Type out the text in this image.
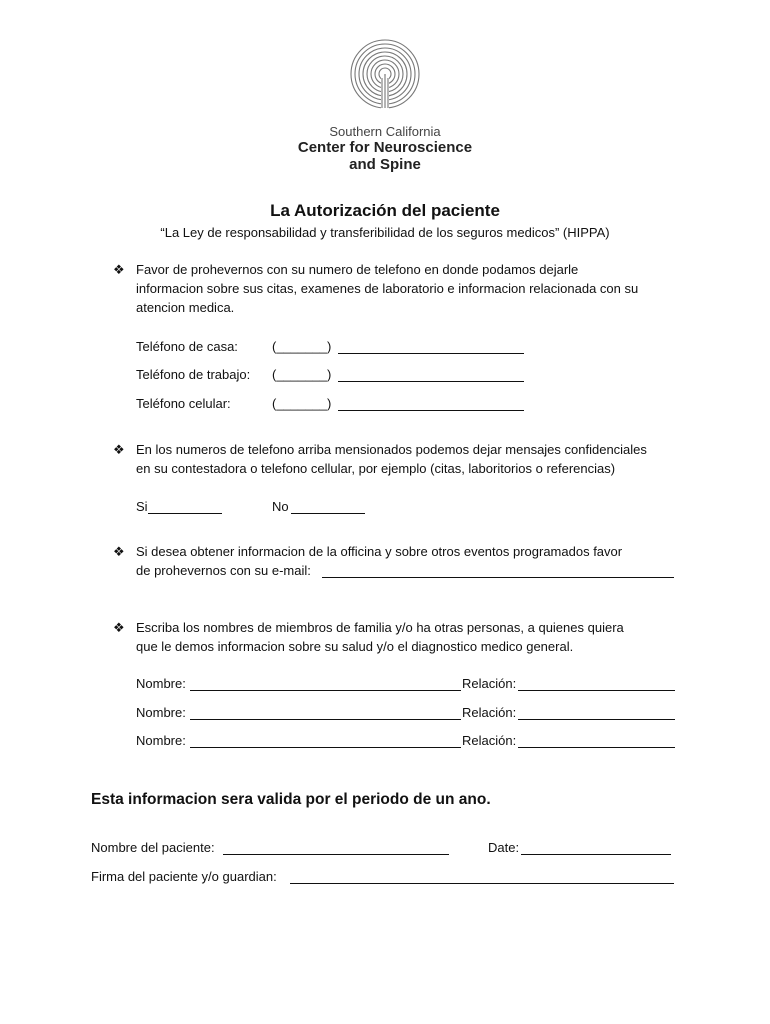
Southern California
Center for Neuroscience
and Spine
La Autorización del paciente
“La Ley de responsabilidad y transferibilidad de los seguros medicos” (HIPPA)
❖ Favor de prohevernos con su numero de telefono en donde podamos dejarle
informacion sobre sus citas, examenes de laboratorio e informacion relacionada con su
atencion medica.
Teléfono de casa:	(_______)
Teléfono de trabajo: (_______)
Teléfono celular:	(_______)
❖ En los numeros de telefono arriba mensionados podemos dejar mensajes confidenciales
en su contestadora o telefono cellular, por ejemplo (citas, laboritorios o referencias)
Si	No
❖ Si desea obtener informacion de la officina y sobre otros eventos programados favor
de prohevernos con su e-mail:
❖ Escriba los nombres de miembros de familia y/o ha otras personas, a quienes quiera
que le demos informacion sobre su salud y/o el diagnostico medico general.
Nombre:	Relación:
Nombre:	Relación:
Nombre:	Relación:
Esta informacion sera valida por el periodo de un ano.
Nombre del paciente:	Date:
Firma del paciente y/o guardian:
